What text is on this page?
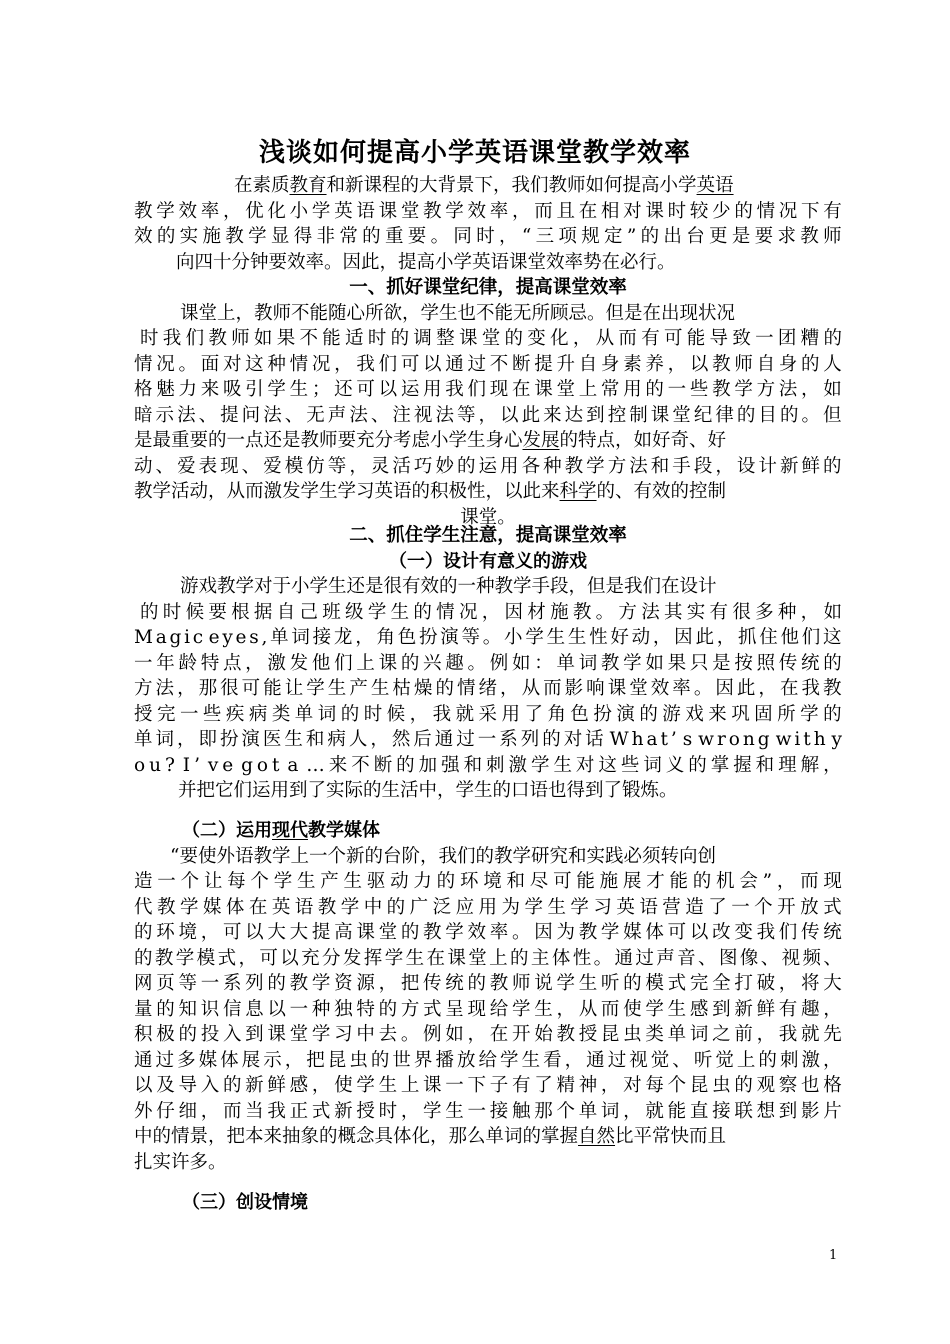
浅谈如何提高小学英语课堂教学效率
在素质 教育 和新课程的大背景下，我们教师如何提高小学 英语
教 学 效 率 ， 优 化 小 学 英 语 课 堂 教 学 效 率 ， 而 且 在 相 对 课 时 较 少 的 情 况 下 有
效 的 实 施 教 学 显 得 非 常 的 重 要 。 同 时 ， “ 三 项 规 定 ” 的 出 台 更 是 要 求 教 师
向四十分钟要效率。因此，提高小学英语课堂效率势在必行。
一、抓好课堂纪律，提高课堂效率
课堂上，教师不能随心所欲，学生也不能无所顾忌。但是在出现状况
时 我 们 教 师 如 果 不 能 适 时 的 调 整 课 堂 的 变 化 ， 从 而 有 可 能 导 致 一 团 糟 的
情 况 。 面 对 这 种 情 况 ， 我 们 可 以 通 过 不 断 提 升 自 身 素 养 ， 以 教 师 自 身 的 人
格 魅 力 来 吸 引 学 生 ； 还 可 以 运 用 我 们 现 在 课 堂 上 常 用 的 一 些 教 学 方 法 ， 如
暗 示 法 、 提 问 法 、 无 声 法 、 注 视 法 等 ， 以 此 来 达 到 控 制 课 堂 纪 律 的 目 的 。 但
是最重要的一点还是教师要充分考虑小学生身心 发展 的特点，如好奇、好
动 、 爱 表 现 、 爱 模 仿 等 ， 灵 活 巧 妙 的 运 用 各 种 教 学 方 法 和 手 段 ， 设 计 新 鲜 的
教学活动，从而激发学生学习英语的积极性，以此来 科学 的、有效的控制
课堂。
二、抓住学生注意，提高课堂效率
（一）设计有意义的游戏
游戏教学对于小学生还是很有效的一种教学手段，但是我们在设计
的 时 候 要 根 据 自 己 班 级 学 生 的 情 况 ， 因 材 施 教 。 方 法 其 实 有 很 多 种 ， 如
M a g i c e y e s , 单 词 接 龙 ， 角 色 扮 演 等 。 小 学 生 生 性 好 动 ， 因 此 ， 抓 住 他 们 这
一 年 龄 特 点 ， 激 发 他 们 上 课 的 兴 趣 。 例 如 ： 单 词 教 学 如 果 只 是 按 照 传 统 的
方 法 ， 那 很 可 能 让 学 生 产 生 枯 燥 的 情 绪 ， 从 而 影 响 课 堂 效 率 。 因 此 ， 在 我 教
授 完 一 些 疾 病 类 单 词 的 时 候 ， 我 就 采 用 了 角 色 扮 演 的 游 戏 来 巩 固 所 学 的
单 词 ， 即 扮 演 医 生 和 病 人 ， 然 后 通 过 一 系 列 的 对 话 W h a t ’ s w r o n g w i t h y
o u ? I ’ v e g o t a … 来 不 断 的 加 强 和 刺 激 学 生 对 这 些 词 义 的 掌 握 和 理 解 ，
并把它们运用到了实际的生活中，学生的口语也得到了锻炼。
（二）运用 现代 教学媒体
“要使外语教学上一个新的台阶，我们的教学研究和实践必须转向创
造 一 个 让 每 个 学 生 产 生 驱 动 力 的 环 境 和 尽 可 能 施 展 才 能 的 机 会 ” ， 而 现
代 教 学 媒 体 在 英 语 教 学 中 的 广 泛 应 用 为 学 生 学 习 英 语 营 造 了 一 个 开 放 式
的 环 境 ， 可 以 大 大 提 高 课 堂 的 教 学 效 率 。 因 为 教 学 媒 体 可 以 改 变 我 们 传 统
的 教 学 模 式 ， 可 以 充 分 发 挥 学 生 在 课 堂 上 的 主 体 性 。 通 过 声 音 、 图 像 、 视 频 、
网 页 等 一 系 列 的 教 学 资 源 ， 把 传 统 的 教 师 说 学 生 听 的 模 式 完 全 打 破 ， 将 大
量 的 知 识 信 息 以 一 种 独 特 的 方 式 呈 现 给 学 生 ， 从 而 使 学 生 感 到 新 鲜 有 趣 ，
积 极 的 投 入 到 课 堂 学 习 中 去 。 例 如 ， 在 开 始 教 授 昆 虫 类 单 词 之 前 ， 我 就 先
通 过 多 媒 体 展 示 ， 把 昆 虫 的 世 界 播 放 给 学 生 看 ， 通 过 视 觉 、 听 觉 上 的 刺 激 ，
以 及 导 入 的 新 鲜 感 ， 使 学 生 上 课 一 下 子 有 了 精 神 ， 对 每 个 昆 虫 的 观 察 也 格
外 仔 细 ， 而 当 我 正 式 新 授 时 ， 学 生 一 接 触 那 个 单 词 ， 就 能 直 接 联 想 到 影 片
中的情景，把本来抽象的概念具体化，那么单词的掌握 自然 比平常快而且
扎实许多。
（三）创设情境
1
